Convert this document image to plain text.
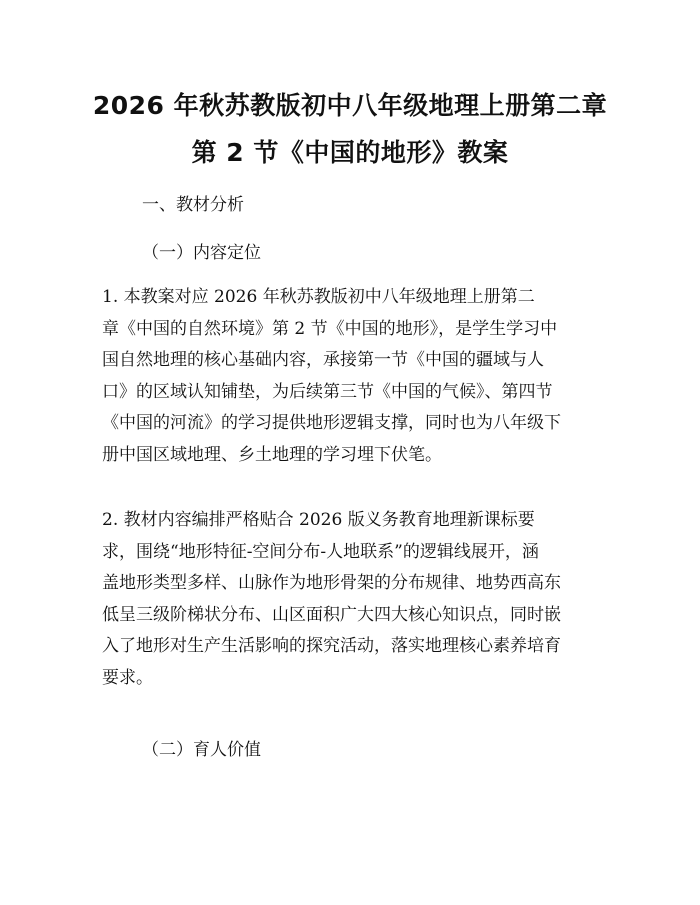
2026 年秋苏教版初中八年级地理上册第二章
第 2 节《中国的地形》教案
一、教材分析
（一）内容定位
1. 本教案对应 2026 年秋苏教版初中八年级地理上册第二
章《中国的自然环境》第 2 节《中国的地形》，是学生学习中
国自然地理的核心基础内容，承接第一节《中国的疆域与人
口》的区域认知铺垫，为后续第三节《中国的气候》、第四节
《中国的河流》的学习提供地形逻辑支撑，同时也为八年级下
册中国区域地理、乡土地理的学习埋下伏笔。
2. 教材内容编排严格贴合 2026 版义务教育地理新课标要
求，围绕“地形特征-空间分布-人地联系”的逻辑线展开，涵
盖地形类型多样、山脉作为地形骨架的分布规律、地势西高东
低呈三级阶梯状分布、山区面积广大四大核心知识点，同时嵌
入了地形对生产生活影响的探究活动，落实地理核心素养培育
要求。
（二）育人价值
